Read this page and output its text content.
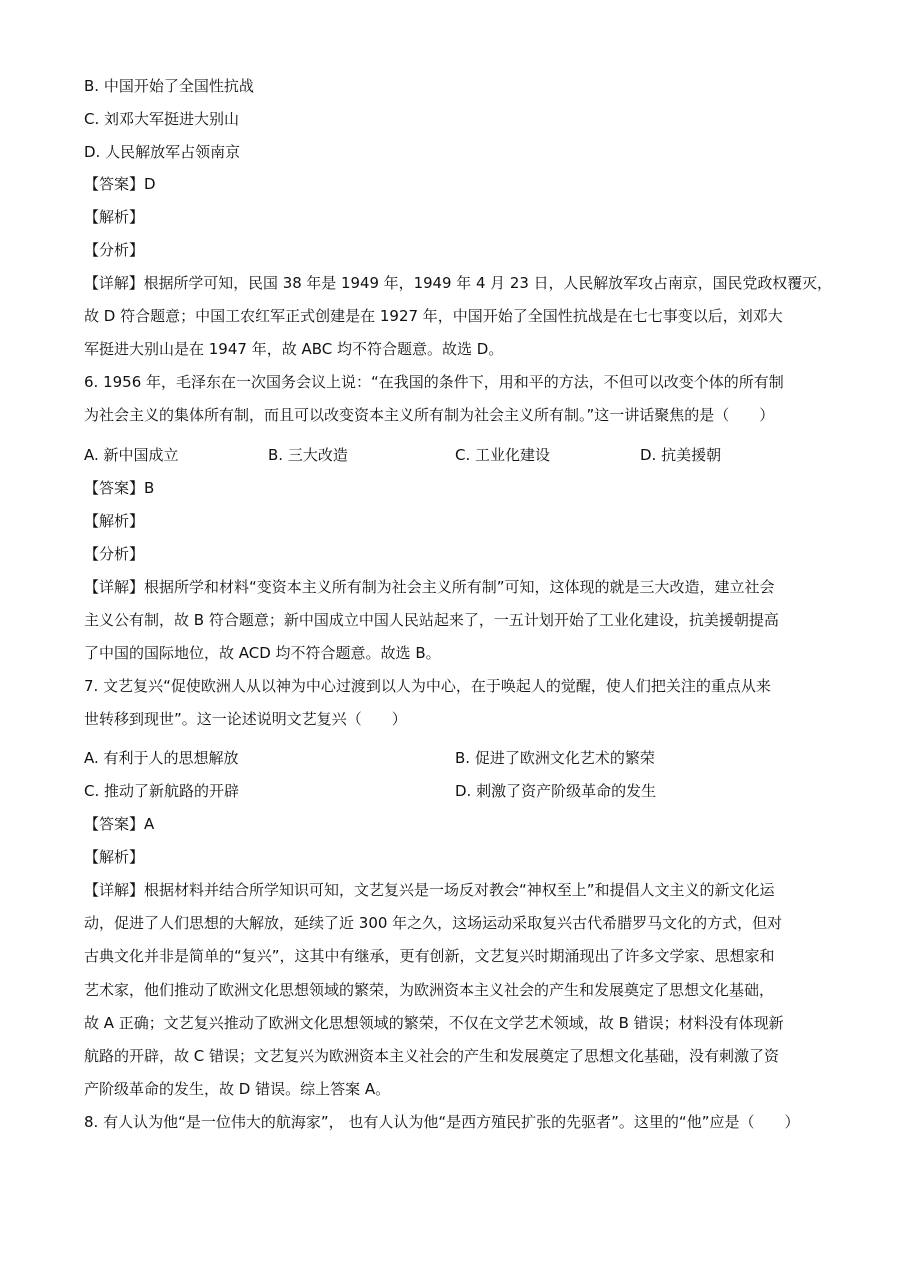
B. 中国开始了全国性抗战
C. 刘邓大军挺进大别山
D. 人民解放军占领南京
【答案】D
【解析】
【分析】
【详解】根据所学可知，民国 38 年是 1949 年，1949 年 4 月 23 日，人民解放军攻占南京，国民党政权覆灭，
故 D 符合题意；中国工农红军正式创建是在 1927 年，中国开始了全国性抗战是在七七事变以后，刘邓大
军挺进大别山是在 1947 年，故 ABC 均不符合题意。故选 D。
6. 1956 年，毛泽东在一次国务会议上说：“在我国的条件下，用和平的方法，不但可以改变个体的所有制
为社会主义的集体所有制，而且可以改变资本主义所有制为社会主义所有制。”这一讲话聚焦的是（　　）
A. 新中国成立	B. 三大改造	C. 工业化建设	D. 抗美援朝
【答案】B
【解析】
【分析】
【详解】根据所学和材料“变资本主义所有制为社会主义所有制”可知，这体现的就是三大改造，建立社会
主义公有制，故 B 符合题意；新中国成立中国人民站起来了，一五计划开始了工业化建设，抗美援朝提高
了中国的国际地位，故 ACD 均不符合题意。故选 B。
7. 文艺复兴“促使欧洲人从以神为中心过渡到以人为中心，在于唤起人的觉醒，使人们把关注的重点从来
世转移到现世”。这一论述说明文艺复兴（　　）
A. 有利于人的思想解放	B. 促进了欧洲文化艺术的繁荣
C. 推动了新航路的开辟	D. 刺激了资产阶级革命的发生
【答案】A
【解析】
【详解】根据材料并结合所学知识可知，文艺复兴是一场反对教会“神权至上”和提倡人文主义的新文化运
动，促进了人们思想的大解放，延续了近 300 年之久，这场运动采取复兴古代希腊罗马文化的方式，但对
古典文化并非是简单的“复兴”，这其中有继承，更有创新，文艺复兴时期涌现出了许多文学家、思想家和
艺术家，他们推动了欧洲文化思想领域的繁荣，为欧洲资本主义社会的产生和发展奠定了思想文化基础，
故 A 正确；文艺复兴推动了欧洲文化思想领域的繁荣，不仅在文学艺术领域，故 B 错误；材料没有体现新
航路的开辟，故 C 错误；文艺复兴为欧洲资本主义社会的产生和发展奠定了思想文化基础，没有刺激了资
产阶级革命的发生，故 D 错误。综上答案 A。
8. 有人认为他“是一位伟大的航海家”， 也有人认为他“是西方殖民扩张的先驱者”。这里的“他”应是（　　）
